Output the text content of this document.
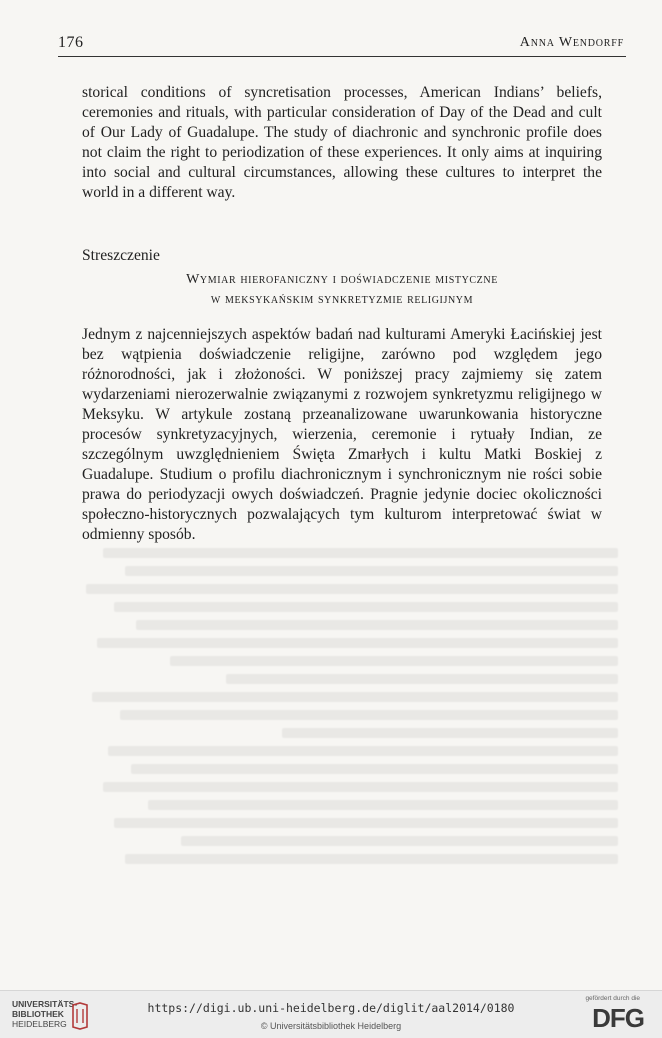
176	Anna Wendorff
storical conditions of syncretisation processes, American Indians’ beliefs, ceremonies and rituals, with particular consideration of Day of the Dead and cult of Our Lady of Guadalupe. The study of diachronic and synchronic profile does not claim the right to periodization of these experiences. It only aims at inquiring into social and cultural circumstances, allowing these cultures to interpret the world in a different way.
Streszczenie
Wymiar hierofaniczny i doświadczenie mistyczne
w meksykańskim synkretyzmie religijnym
Jednym z najcenniejszych aspektów badań nad kulturami Ameryki Łacińskiej jest bez wątpienia doświadczenie religijne, zarówno pod względem jego różnorodności, jak i złożoności. W poniższej pracy zajmiemy się zatem wydarzeniami nierozerwalnie związanymi z rozwojem synkretyzmu religijnego w Meksyku. W artykule zostaną przeanalizowane uwarunkowania historyczne procesów synkretyzacyjnych, wierzenia, ceremonie i rytuały Indian, ze szczególnym uwzględnieniem Święta Zmarłych i kultu Matki Boskiej z Guadalupe. Studium o profilu diachronicznym i synchronicznym nie rości sobie prawa do periodyzacji owych doświadczeń. Pragnie jedynie dociec okoliczności społeczno-historycznych pozwalających tym kulturom interpretować świat w odmienny sposób.
UNIVERSITÄTS-
BIBLIOTHEK
HEIDELBERG
https://digi.ub.uni-heidelberg.de/diglit/aal2014/0180
© Universitätsbibliothek Heidelberg
gefördert durch die
DFG
